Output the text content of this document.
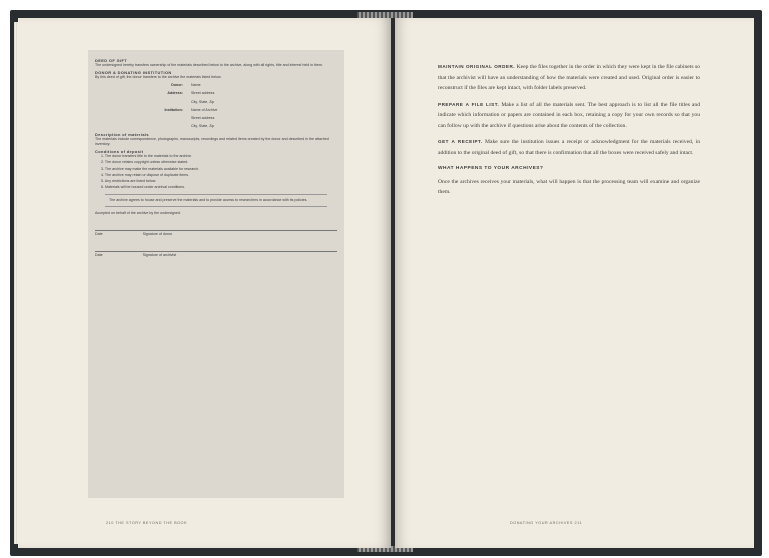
DEED OF GIFT

The undersigned hereby transfers ownership of the materials described below to the archive, along with all rights, title and interest held in them.

DONOR & DONATING INSTITUTION

By this deed of gift, the donor transfers to the archive the materials listed below.

Donor:	Name
Address:	Street address
City, State, Zip
Institution:	Name of Archive
Street address
City, State, Zip
Description of materials

The materials include correspondence, photographs, manuscripts, recordings and related items created by the donor and described in the attached inventory.

Conditions of deposit
1. The donor transfers title to the materials to the archive.
2. The donor retains copyright unless otherwise stated.
3. The archive may make the materials available for research.
4. The archive may retain or dispose of duplicate items.
5. Any restrictions are listed below.
6. Materials will be housed under archival conditions.
The archive agrees to house and preserve the materials and to provide access to researchers in accordance with its policies.

Accepted on behalf of the archive by the undersigned.

Date	Signature of donor
Date	Signature of archivist
210 THE STORY BEYOND THE BOOK

MAINTAIN ORIGINAL ORDER. Keep the files together in the order in which they were kept in the file cabinets so that the archivist will have an understanding of how the materials were created and used. Original order is easier to reconstruct if the files are kept intact, with folder labels preserved.

PREPARE A FILE LIST. Make a list of all the materials sent. The best approach is to list all the file titles and indicate which information or papers are contained in each box, retaining a copy for your own records so that you can follow up with the archive if questions arise about the contents of the collection.

GET A RECEIPT. Make sure the institution issues a receipt or acknowledgment for the materials received, in addition to the original deed of gift, so that there is confirmation that all the boxes were received safely and intact.

WHAT HAPPENS TO YOUR ARCHIVES?

Once the archives receives your materials, what will happen is that the processing team will examine and organize them.

DONATING YOUR ARCHIVES 211
